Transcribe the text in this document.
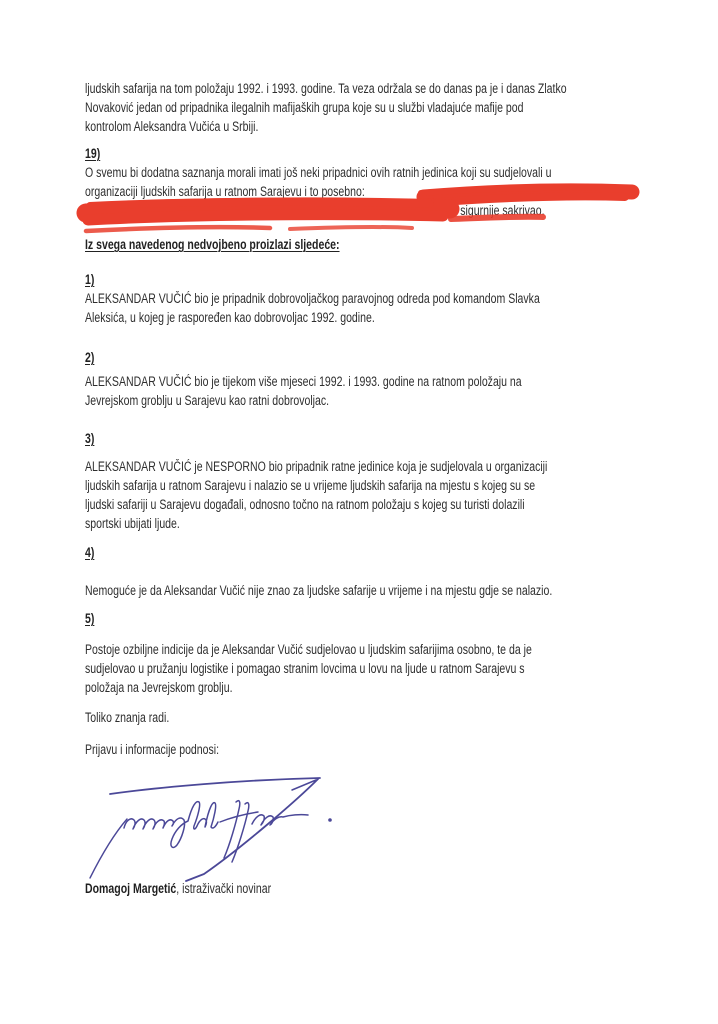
ljudskih safarija na tom položaju 1992. i 1993. godine. Ta veza održala se do danas pa je i danas Zlatko
Novaković jedan od pripadnika ilegalnih mafijaških grupa koje su u službi vladajuće mafije pod
kontrolom Aleksandra Vučića u Srbiji.
19)
O svemu bi dodatna saznanja morali imati još neki pripadnici ovih ratnih jedinica koji su sudjelovali u
organizaciji ljudskih safarija u ratnom Sarajevu i to posebno:
i sigurnije sakrivao.
Iz svega navedenog nedvojbeno proizlazi sljedeće:
1)
ALEKSANDAR VUČIĆ bio je pripadnik dobrovoljačkog paravojnog odreda pod komandom Slavka
Aleksića, u kojeg je raspoređen kao dobrovoljac 1992. godine.
2)
ALEKSANDAR VUČIĆ bio je tijekom više mjeseci 1992. i 1993. godine na ratnom položaju na
Jevrejskom groblju u Sarajevu kao ratni dobrovoljac.
3)
ALEKSANDAR VUČIĆ je NESPORNO bio pripadnik ratne jedinice koja je sudjelovala u organizaciji
ljudskih safarija u ratnom Sarajevu i nalazio se u vrijeme ljudskih safarija na mjestu s kojeg su se
ljudski safariji u Sarajevu događali, odnosno točno na ratnom položaju s kojeg su turisti dolazili
sportski ubijati ljude.
4)
Nemoguće je da Aleksandar Vučić nije znao za ljudske safarije u vrijeme i na mjestu gdje se nalazio.
5)
Postoje ozbiljne indicije da je Aleksandar Vučić sudjelovao u ljudskim safarijima osobno, te da je
sudjelovao u pružanju logistike i pomagao stranim lovcima u lovu na ljude u ratnom Sarajevu s
položaja na Jevrejskom groblju.
Toliko znanja radi.
Prijavu i informacije podnosi:
Domagoj Margetić, istraživački novinar
